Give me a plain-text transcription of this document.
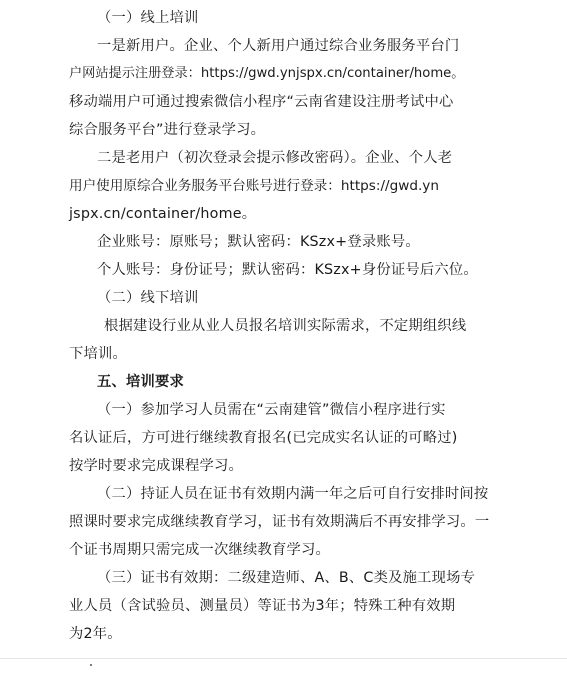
（一）线上培训
一是新用户。企业、个人新用户通过综合业务服务平台门
户网站提示注册登录：https://gwd.ynjspx.cn/container/home。
移动端用户可通过搜索微信小程序“云南省建设注册考试中心
综合服务平台”进行登录学习。
二是老用户（初次登录会提示修改密码）。企业、个人老
用户使用原综合业务服务平台账号进行登录：https://gwd.yn
jspx.cn/container/home。
企业账号：原账号；默认密码：KSzx+登录账号。
个人账号：身份证号；默认密码：KSzx+身份证号后六位。
（二）线下培训
根据建设行业从业人员报名培训实际需求，不定期组织线
下培训。
五、培训要求
（一）参加学习人员需在“云南建管”微信小程序进行实
名认证后，方可进行继续教育报名(已完成实名认证的可略过)
按学时要求完成课程学习。
（二）持证人员在证书有效期内满一年之后可自行安排时间按
照课时要求完成继续教育学习，证书有效期满后不再安排学习。一
个证书周期只需完成一次继续教育学习。
（三）证书有效期：二级建造师、A、B、C类及施工现场专
业人员（含试验员、测量员）等证书为3年；特殊工种有效期
为2年。
